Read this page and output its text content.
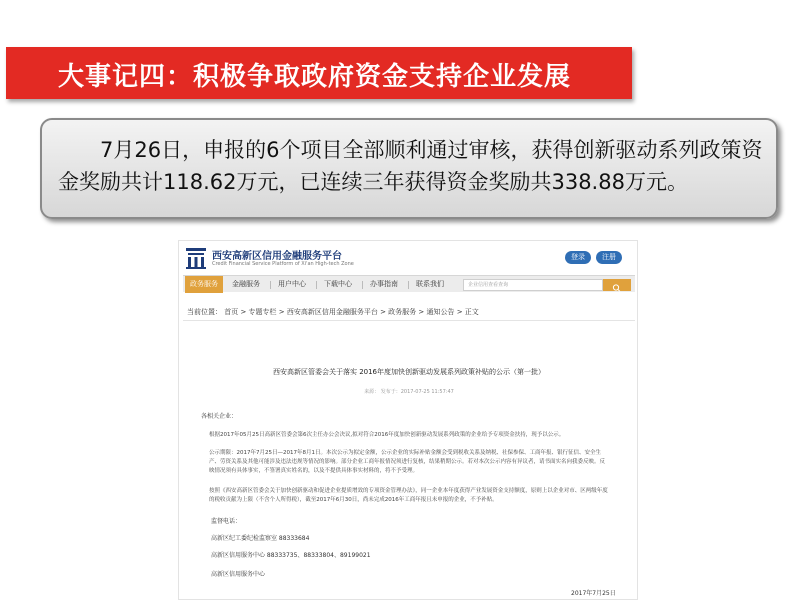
大事记四：积极争取政府资金支持企业发展

　　7月26日，申报的6个项目全部顺利通过审核，获得创新驱动系列政策资金奖励共计118.62万元，已连续三年获得资金奖励共338.88万元。

西安高新区信用金融服务平台
Credit Financial Service Platform of Xi'an High-tech Zone
登录	注册
政务服务	金融服务	用户中心	下载中心	办事指南	联系我们	企业信用查看查询
当前位置： 首页 > 专题专栏 > 西安高新区信用金融服务平台 > 政务服务 > 通知公告 > 正文
西安高新区管委会关于落实 2016年度加快创新驱动发展系列政策补贴的公示（第一批）
来源： 发布于：2017-07-25 11:57:47
各相关企业：
根据2017年05月25日高新区管委会第6次主任办公会决议,拟对符合2016年度加快创新驱动发展系列政策的企业给予专项资金扶持，现予以公示。
公示期限：2017年7月25日—2017年8月1日。本次公示为拟定金额，公示企业的实际补贴金额会受到税收关系及纳税、社保参保、工商年报、银行征信、安全生产、劳资关系及其他可能涉及违法违规等情况的影响。部分企业工商年报情况须进行复核，结果稍期公示。若对本次公示内容有异议者，请书面实名向我委反映。反映情况须有具体事实，不签署真实姓名的，以及不提供具体事实材料的，将不予受理。
按照《西安高新区管委会关于加快创新驱动和促进企业提质增效的专项资金管理办法》，同一企业本年度获得产业发展资金支持额度，原则上以企业对市、区两级年度的税收贡献为上限（不含个人所得税），截至2017年6月30日，尚未完成2016年工商年报且未申报的企业，不予补贴。
监督电话：
高新区纪工委纪检监察室 88333684
高新区信用服务中心 88333735、88333804、89199021
高新区信用服务中心
2017年7月25日
